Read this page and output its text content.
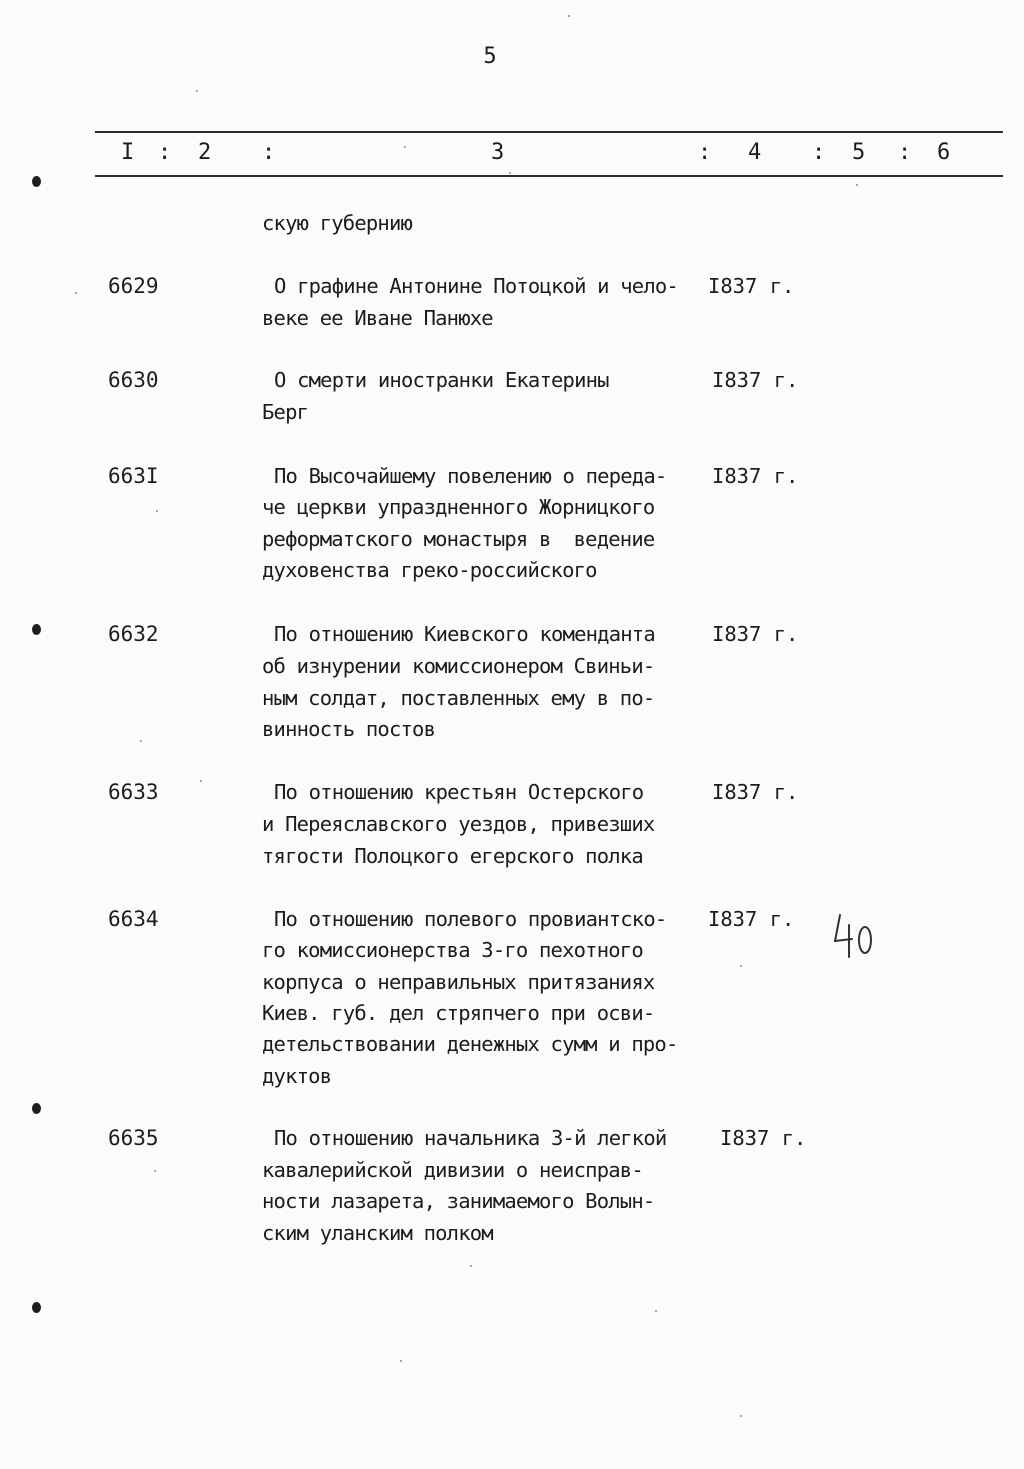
5
I : 2 :	3	: 4 : 5 : 6
скую губернию
6629	О графине Антонине Потоцкой и чело-
веке ее Иване Панюхе
I837 г.
6630	О смерти иностранки Екатерины
Берг
I837 г.
663I	По Высочайшему повелению о переда-
че церкви упраздненного Жорницкого
реформатского монастыря в  ведение
духовенства греко-российского
I837 г.
6632	По отношению Киевского коменданта
об изнурении комиссионером Свиньи-
ным солдат, поставленных ему в по-
винность постов
I837 г.
6633	По отношению крестьян Остерского
и Переяславского уездов, привезших
тягости Полоцкого егерского полка
I837 г.
6634	По отношению полевого провиантско-
го комиссионерства 3-го пехотного
корпуса о неправильных притязаниях
Киев. губ. дел стряпчего при осви-
детельствовании денежных сумм и про-
дуктов
I837 г.
6635	По отношению начальника 3-й легкой
кавалерийской дивизии о неисправ-
ности лазарета, занимаемого Волын-
ским уланским полком
I837 г.
